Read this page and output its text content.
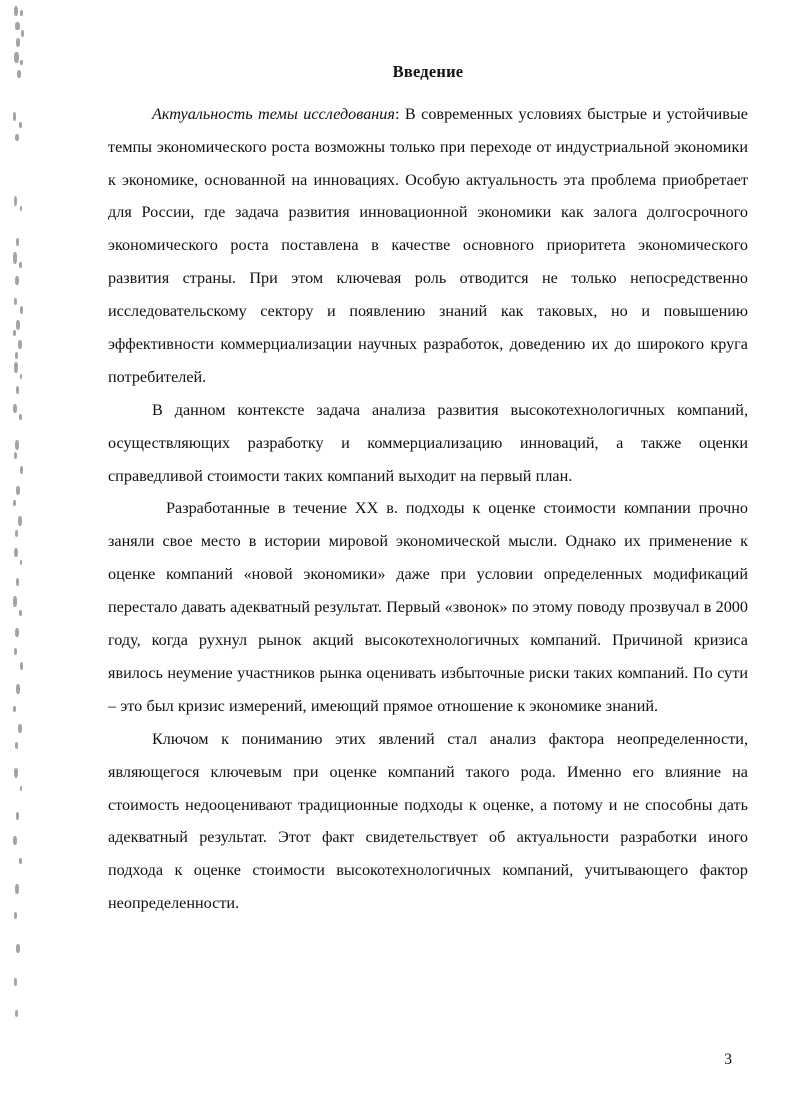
Введение

Актуальность темы исследования: В современных условиях быстрые и устойчивые темпы экономического роста возможны только при переходе от индустриальной экономики к экономике, основанной на инновациях. Особую актуальность эта проблема приобретает для России, где задача развития инновационной экономики как залога долгосрочного экономического роста поставлена в качестве основного приоритета экономического развития страны. При этом ключевая роль отводится не только непосредственно исследовательскому сектору и появлению знаний как таковых, но и повышению эффективности коммерциализации научных разработок, доведению их до широкого круга потребителей.

В данном контексте задача анализа развития высокотехнологичных компаний, осуществляющих разработку и коммерциализацию инноваций, а также оценки справедливой стоимости таких компаний выходит на первый план.

Разработанные в течение XX в. подходы к оценке стоимости компании прочно заняли свое место в истории мировой экономической мысли. Однако их применение к оценке компаний «новой экономики» даже при условии определенных модификаций перестало давать адекватный результат. Первый «звонок» по этому поводу прозвучал в 2000 году, когда рухнул рынок акций высокотехнологичных компаний. Причиной кризиса явилось неумение участников рынка оценивать избыточные риски таких компаний. По сути – это был кризис измерений, имеющий прямое отношение к экономике знаний.

Ключом к пониманию этих явлений стал анализ фактора неопределенности, являющегося ключевым при оценке компаний такого рода. Именно его влияние на стоимость недооценивают традиционные подходы к оценке, а потому и не способны дать адекватный результат. Этот факт свидетельствует об актуальности разработки иного подхода к оценке стоимости высокотехнологичных компаний, учитывающего фактор неопределенности.

3
